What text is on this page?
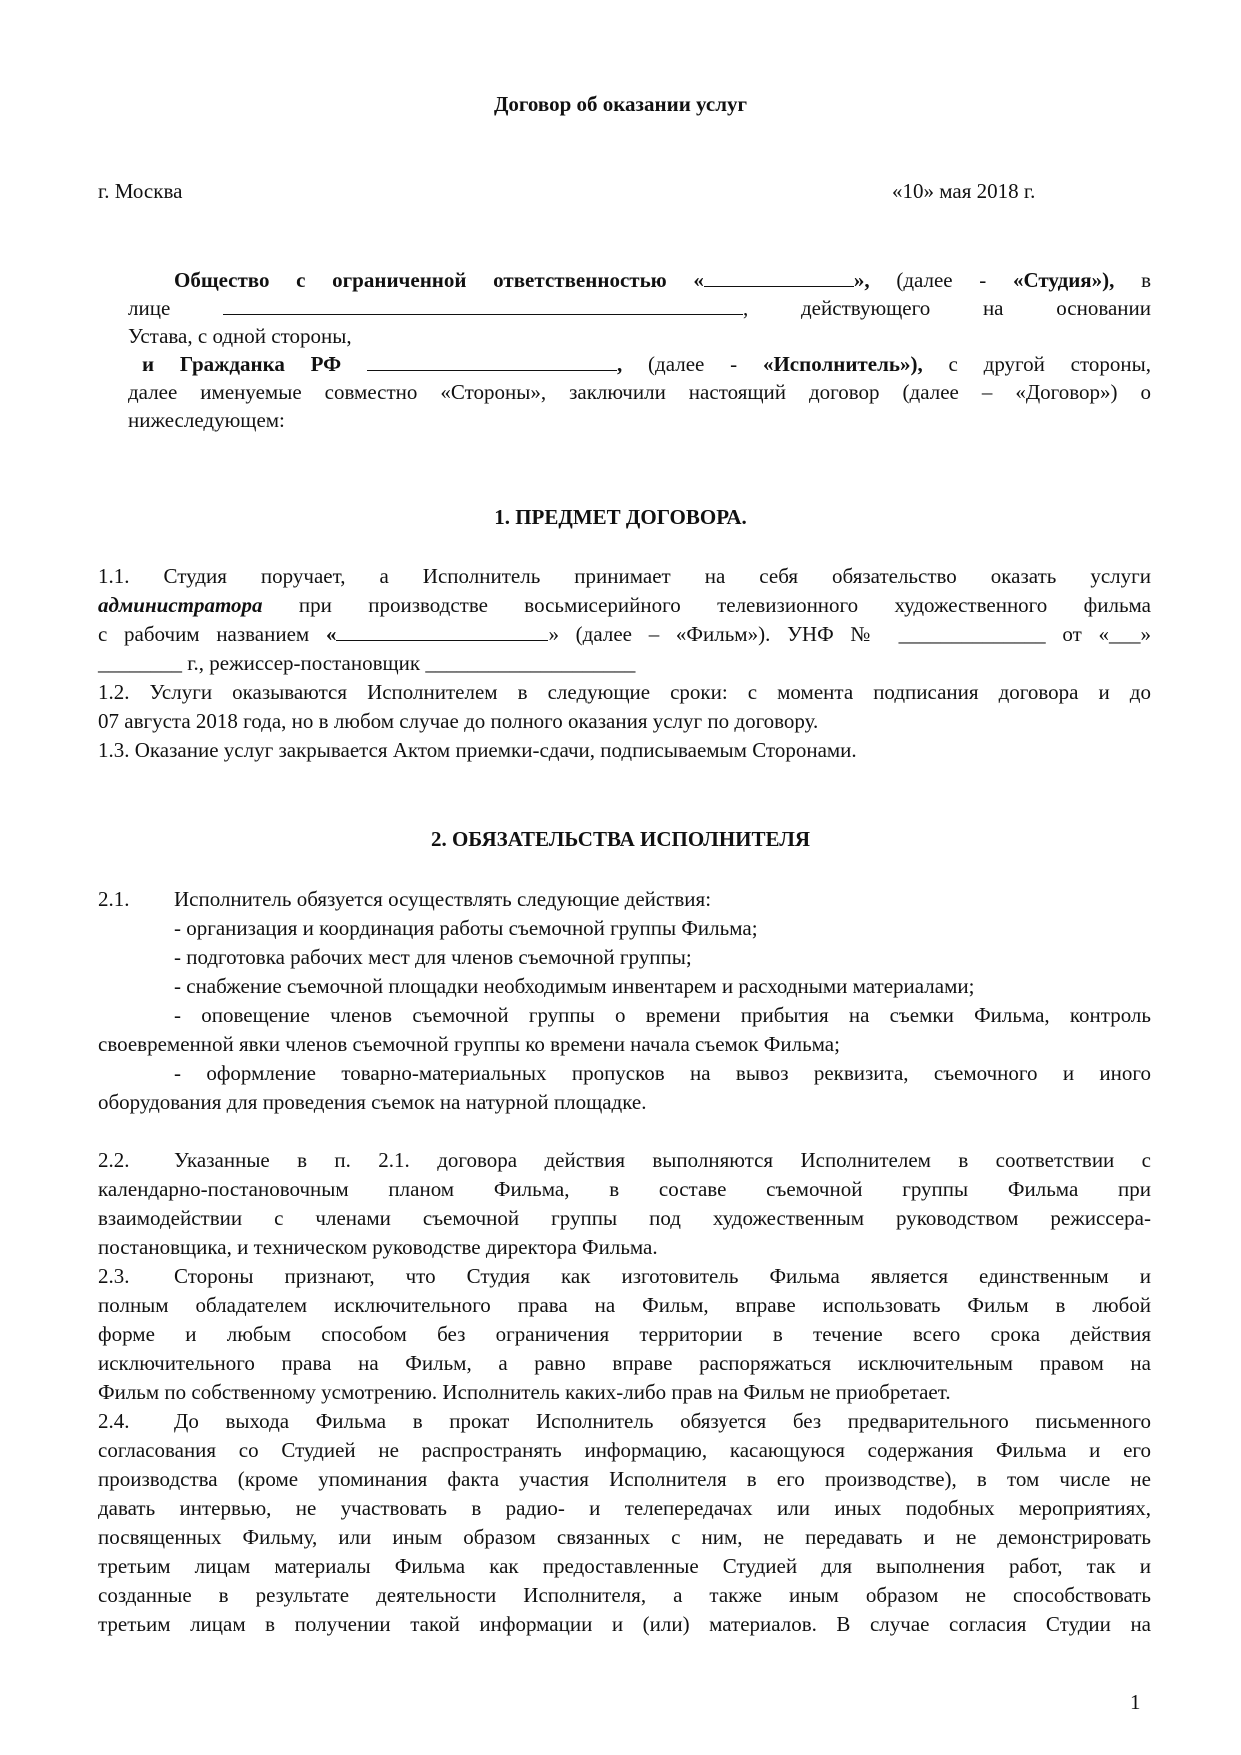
Договор об оказании услуг
г. Москва	«10» мая 2018 г.

Общество с ограниченной ответственностью «	», (далее - «Студия»), в

лице	, действующего на основании

Устава, с одной стороны,

и Гражданка РФ	, (далее - «Исполнитель»), с другой стороны,

далее именуемые совместно «Стороны», заключили настоящий договор (далее – «Договор») о

нижеследующем:

1. ПРЕДМЕТ ДОГОВОРА.

1.1. Студия поручает, а Исполнитель принимает на себя обязательство оказать услуги

администратора при производстве восьмисерийного телевизионного художественного фильма

с рабочим названием «	» (далее – «Фильм»). УНФ № ______________ от «___»

________ г., режиссер-постановщик ____________________

1.2. Услуги оказываются Исполнителем в следующие сроки: с момента подписания договора и до

07 августа 2018 года, но в любом случае до полного оказания услуг по договору.

1.3. Оказание услуг закрывается Актом приемки-сдачи, подписываемым Сторонами.

2. ОБЯЗАТЕЛЬСТВА ИСПОЛНИТЕЛЯ

2.1. Исполнитель обязуется осуществлять следующие действия:

- организация и координация работы съемочной группы Фильма;

- подготовка рабочих мест для членов съемочной группы;

- снабжение съемочной площадки необходимым инвентарем и расходными материалами;

- оповещение членов съемочной группы о времени прибытия на съемки Фильма, контроль

своевременной явки членов съемочной группы ко времени начала съемок Фильма;

- оформление товарно-материальных пропусков на вывоз реквизита, съемочного и иного

оборудования для проведения съемок на натурной площадке.

2.2. Указанные в п. 2.1. договора действия выполняются Исполнителем в соответствии с

календарно-постановочным планом Фильма, в составе съемочной группы Фильма при

взаимодействии с членами съемочной группы под художественным руководством режиссера-

постановщика, и техническом руководстве директора Фильма.

2.3. Стороны признают, что Студия как изготовитель Фильма является единственным и

полным обладателем исключительного права на Фильм, вправе использовать Фильм в любой

форме и любым способом без ограничения территории в течение всего срока действия

исключительного права на Фильм, а равно вправе распоряжаться исключительным правом на

Фильм по собственному усмотрению. Исполнитель каких-либо прав на Фильм не приобретает.

2.4. До выхода Фильма в прокат Исполнитель обязуется без предварительного письменного

согласования со Студией не распространять информацию, касающуюся содержания Фильма и его

производства (кроме упоминания факта участия Исполнителя в его производстве), в том числе не

давать интервью, не участвовать в радио- и телепередачах или иных подобных мероприятиях,

посвященных Фильму, или иным образом связанных с ним, не передавать и не демонстрировать

третьим лицам материалы Фильма как предоставленные Студией для выполнения работ, так и

созданные в результате деятельности Исполнителя, а также иным образом не способствовать

третьим лицам в получении такой информации и (или) материалов. В случае согласия Студии на

1
